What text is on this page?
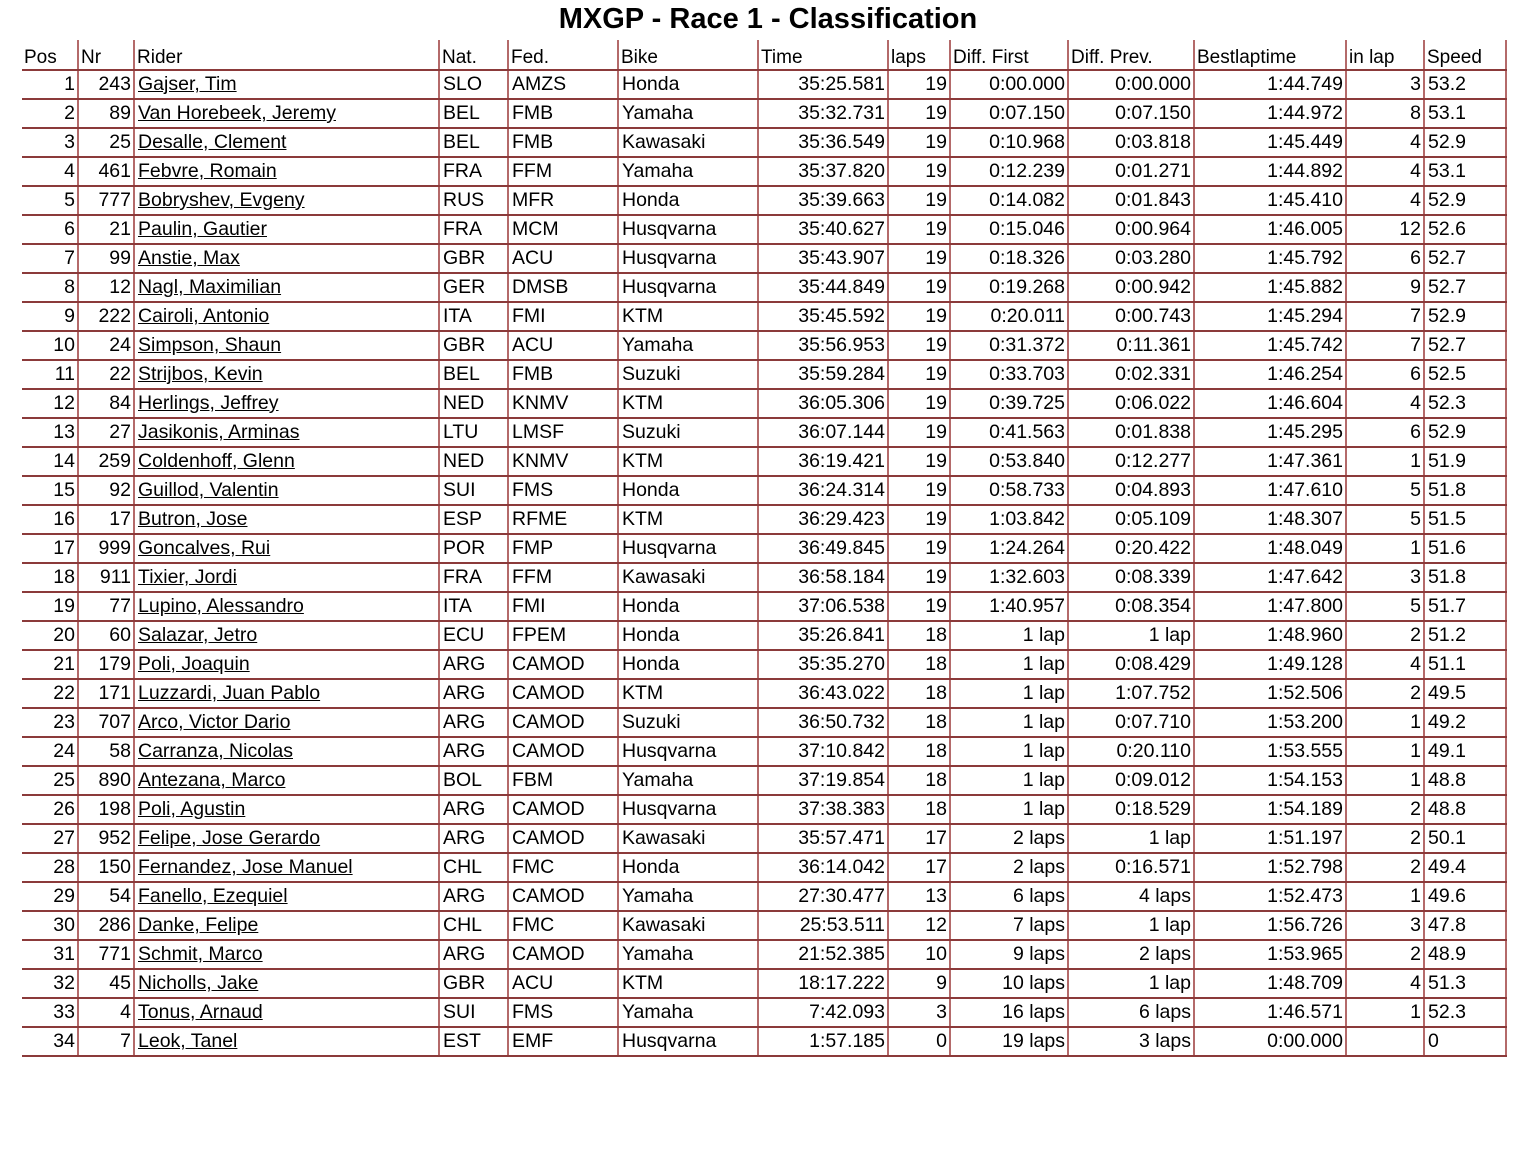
MXGP - Race 1 - Classification
Pos	Nr	Rider	Nat.	Fed.	Bike	Time	laps	Diff. First	Diff. Prev.	Bestlaptime	in lap	Speed
1	243	Gajser, Tim	SLO	AMZS	Honda	35:25.581	19	0:00.000	0:00.000	1:44.749	3	53.2
2	89	Van Horebeek, Jeremy	BEL	FMB	Yamaha	35:32.731	19	0:07.150	0:07.150	1:44.972	8	53.1
3	25	Desalle, Clement	BEL	FMB	Kawasaki	35:36.549	19	0:10.968	0:03.818	1:45.449	4	52.9
4	461	Febvre, Romain	FRA	FFM	Yamaha	35:37.820	19	0:12.239	0:01.271	1:44.892	4	53.1
5	777	Bobryshev, Evgeny	RUS	MFR	Honda	35:39.663	19	0:14.082	0:01.843	1:45.410	4	52.9
6	21	Paulin, Gautier	FRA	MCM	Husqvarna	35:40.627	19	0:15.046	0:00.964	1:46.005	12	52.6
7	99	Anstie, Max	GBR	ACU	Husqvarna	35:43.907	19	0:18.326	0:03.280	1:45.792	6	52.7
8	12	Nagl, Maximilian	GER	DMSB	Husqvarna	35:44.849	19	0:19.268	0:00.942	1:45.882	9	52.7
9	222	Cairoli, Antonio	ITA	FMI	KTM	35:45.592	19	0:20.011	0:00.743	1:45.294	7	52.9
10	24	Simpson, Shaun	GBR	ACU	Yamaha	35:56.953	19	0:31.372	0:11.361	1:45.742	7	52.7
11	22	Strijbos, Kevin	BEL	FMB	Suzuki	35:59.284	19	0:33.703	0:02.331	1:46.254	6	52.5
12	84	Herlings, Jeffrey	NED	KNMV	KTM	36:05.306	19	0:39.725	0:06.022	1:46.604	4	52.3
13	27	Jasikonis, Arminas	LTU	LMSF	Suzuki	36:07.144	19	0:41.563	0:01.838	1:45.295	6	52.9
14	259	Coldenhoff, Glenn	NED	KNMV	KTM	36:19.421	19	0:53.840	0:12.277	1:47.361	1	51.9
15	92	Guillod, Valentin	SUI	FMS	Honda	36:24.314	19	0:58.733	0:04.893	1:47.610	5	51.8
16	17	Butron, Jose	ESP	RFME	KTM	36:29.423	19	1:03.842	0:05.109	1:48.307	5	51.5
17	999	Goncalves, Rui	POR	FMP	Husqvarna	36:49.845	19	1:24.264	0:20.422	1:48.049	1	51.6
18	911	Tixier, Jordi	FRA	FFM	Kawasaki	36:58.184	19	1:32.603	0:08.339	1:47.642	3	51.8
19	77	Lupino, Alessandro	ITA	FMI	Honda	37:06.538	19	1:40.957	0:08.354	1:47.800	5	51.7
20	60	Salazar, Jetro	ECU	FPEM	Honda	35:26.841	18	1 lap	1 lap	1:48.960	2	51.2
21	179	Poli, Joaquin	ARG	CAMOD	Honda	35:35.270	18	1 lap	0:08.429	1:49.128	4	51.1
22	171	Luzzardi, Juan Pablo	ARG	CAMOD	KTM	36:43.022	18	1 lap	1:07.752	1:52.506	2	49.5
23	707	Arco, Victor Dario	ARG	CAMOD	Suzuki	36:50.732	18	1 lap	0:07.710	1:53.200	1	49.2
24	58	Carranza, Nicolas	ARG	CAMOD	Husqvarna	37:10.842	18	1 lap	0:20.110	1:53.555	1	49.1
25	890	Antezana, Marco	BOL	FBM	Yamaha	37:19.854	18	1 lap	0:09.012	1:54.153	1	48.8
26	198	Poli, Agustin	ARG	CAMOD	Husqvarna	37:38.383	18	1 lap	0:18.529	1:54.189	2	48.8
27	952	Felipe, Jose Gerardo	ARG	CAMOD	Kawasaki	35:57.471	17	2 laps	1 lap	1:51.197	2	50.1
28	150	Fernandez, Jose Manuel	CHL	FMC	Honda	36:14.042	17	2 laps	0:16.571	1:52.798	2	49.4
29	54	Fanello, Ezequiel	ARG	CAMOD	Yamaha	27:30.477	13	6 laps	4 laps	1:52.473	1	49.6
30	286	Danke, Felipe	CHL	FMC	Kawasaki	25:53.511	12	7 laps	1 lap	1:56.726	3	47.8
31	771	Schmit, Marco	ARG	CAMOD	Yamaha	21:52.385	10	9 laps	2 laps	1:53.965	2	48.9
32	45	Nicholls, Jake	GBR	ACU	KTM	18:17.222	9	10 laps	1 lap	1:48.709	4	51.3
33	4	Tonus, Arnaud	SUI	FMS	Yamaha	7:42.093	3	16 laps	6 laps	1:46.571	1	52.3
34	7	Leok, Tanel	EST	EMF	Husqvarna	1:57.185	0	19 laps	3 laps	0:00.000		0
